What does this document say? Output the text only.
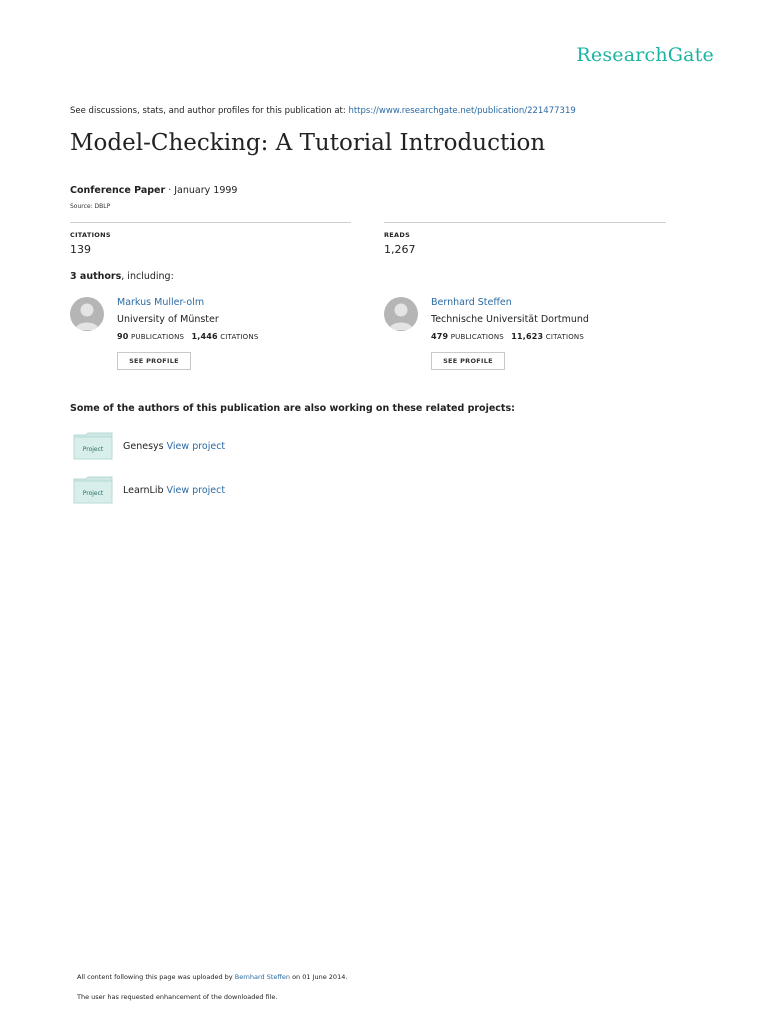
ResearchGate
See discussions, stats, and author profiles for this publication at: https://www.researchgate.net/publication/221477319
Model-Checking: A Tutorial Introduction
Conference Paper · January 1999
Source: DBLP
CITATIONS
139
READS
1,267
3 authors, including:
Markus Muller-olm
University of Münster
90 PUBLICATIONS 1,446 CITATIONS
SEE PROFILE
Bernhard Steffen
Technische Universität Dortmund
479 PUBLICATIONS 11,623 CITATIONS
SEE PROFILE
Some of the authors of this publication are also working on these related projects:
Project Genesys View project
Project LearnLib View project
All content following this page was uploaded by Bernhard Steffen on 01 June 2014.
The user has requested enhancement of the downloaded file.
